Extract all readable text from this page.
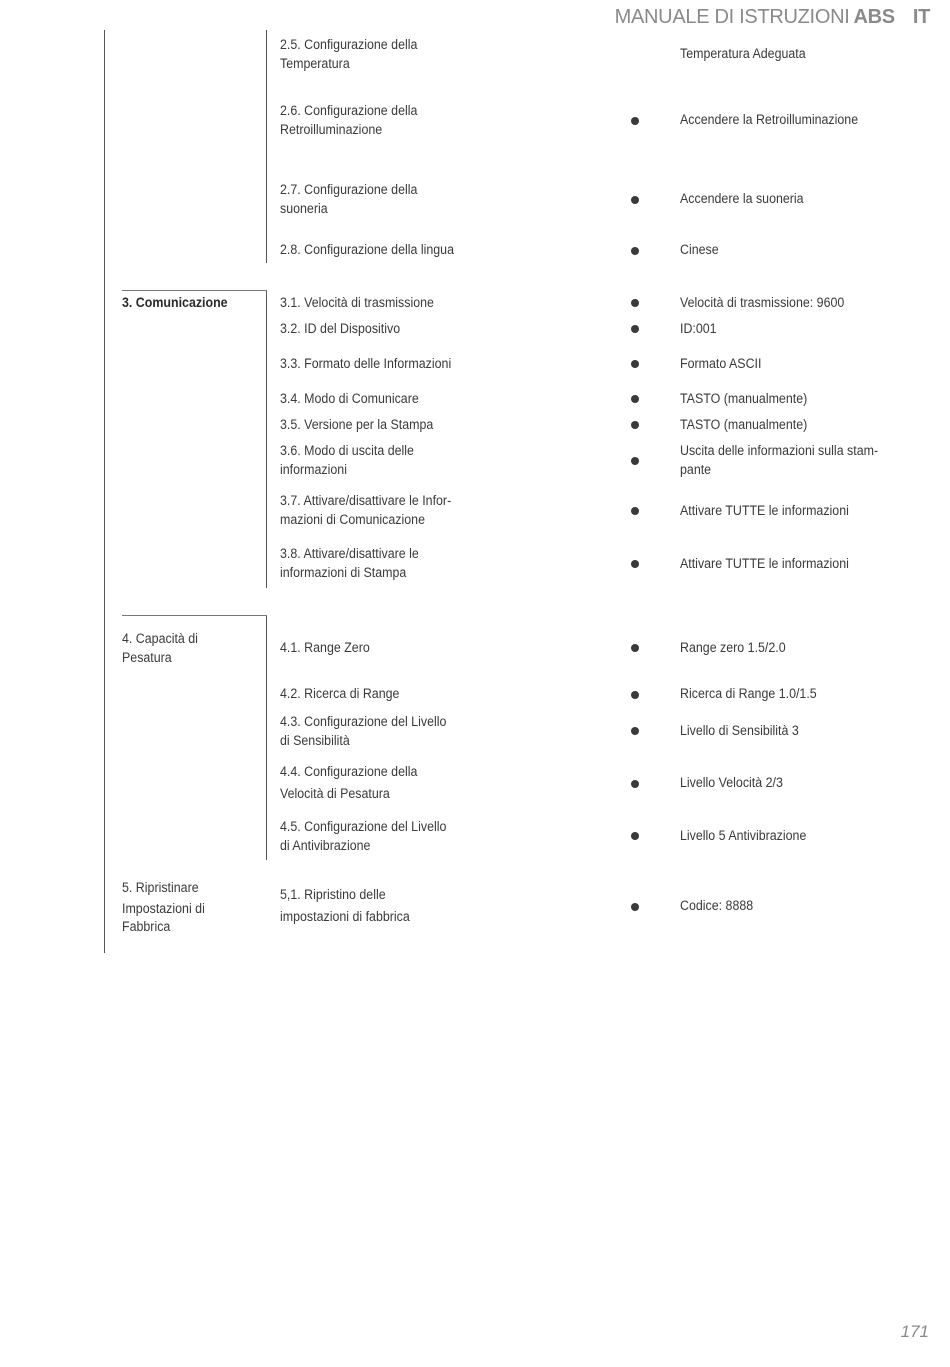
MANUALE DI ISTRUZIONI ABS IT
3. Comunicazione
4. Capacità di
Pesatura
5. Ripristinare
Impostazioni di
Fabbrica
2.5. Configurazione della
Temperatura
2.6. Configurazione della
Retroilluminazione
2.7. Configurazione della
suoneria
2.8. Configurazione della lingua
3.1. Velocità di trasmissione
3.2. ID del Dispositivo
3.3. Formato delle Informazioni
3.4. Modo di Comunicare
3.5. Versione per la Stampa
3.6. Modo di uscita delle
informazioni
3.7. Attivare/disattivare le Infor-
mazioni di Comunicazione
3.8. Attivare/disattivare le
informazioni di Stampa
4.1. Range Zero
4.2. Ricerca di Range
4.3. Configurazione del Livello
di Sensibilità
4.4. Configurazione della
Velocità di Pesatura
4.5. Configurazione del Livello
di Antivibrazione
5,1. Ripristino delle
impostazioni di fabbrica
Temperatura Adeguata
Accendere la Retroilluminazione
Accendere la suoneria
Cinese
Velocità di trasmissione: 9600
ID:001
Formato ASCII
TASTO (manualmente)
TASTO (manualmente)
Uscita delle informazioni sulla stam-
pante
Attivare TUTTE le informazioni
Attivare TUTTE le informazioni
Range zero 1.5/2.0
Ricerca di Range 1.0/1.5
Livello di Sensibilità 3
Livello Velocità 2/3
Livello 5 Antivibrazione
Codice: 8888
171
